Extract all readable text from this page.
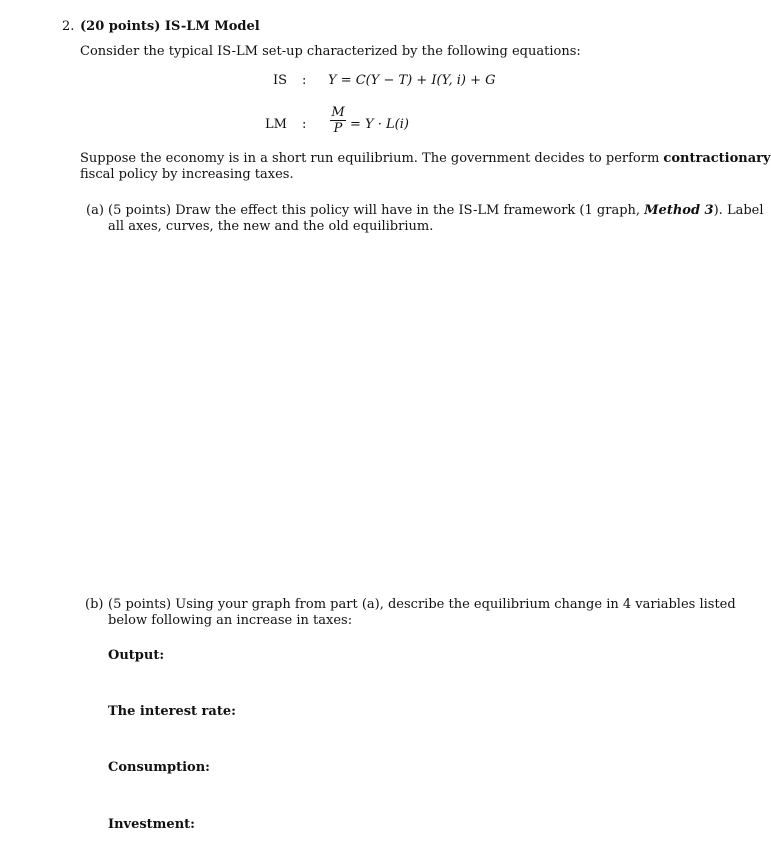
2. (20 points) IS-LM Model
Consider the typical IS-LM set-up characterized by the following equations:
IS : Y = C(Y − T) + I(Y, i) + G
LM :
M
P = Y · L(i)
Suppose the economy is in a short run equilibrium. The government decides to perform contractionary
fiscal policy by increasing taxes.
(a) (5 points) Draw the effect this policy will have in the IS-LM framework (1 graph, Method 3). Label
all axes, curves, the new and the old equilibrium.
(b) (5 points) Using your graph from part (a), describe the equilibrium change in 4 variables listed
below following an increase in taxes:
Output:
The interest rate:
Consumption:
Investment:
